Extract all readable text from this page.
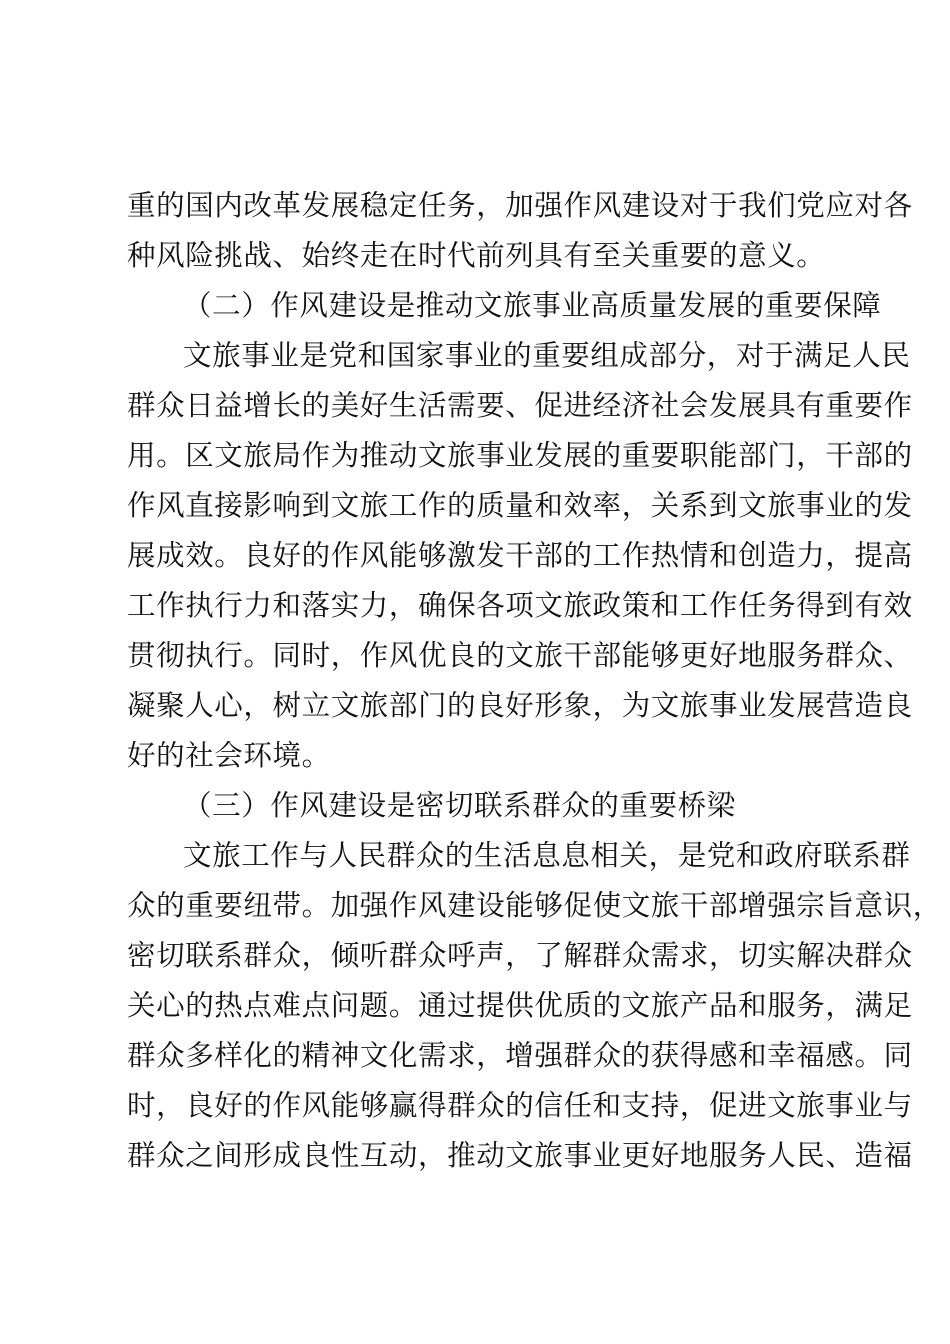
重的国内改革发展稳定任务，加强作风建设对于我们党应对各
种风险挑战、始终走在时代前列具有至关重要的意义。
（二）作风建设是推动文旅事业高质量发展的重要保障
文旅事业是党和国家事业的重要组成部分，对于满足人民
群众日益增长的美好生活需要、促进经济社会发展具有重要作
用。区文旅局作为推动文旅事业发展的重要职能部门，干部的
作风直接影响到文旅工作的质量和效率，关系到文旅事业的发
展成效。良好的作风能够激发干部的工作热情和创造力，提高
工作执行力和落实力，确保各项文旅政策和工作任务得到有效
贯彻执行。同时，作风优良的文旅干部能够更好地服务群众、
凝聚人心，树立文旅部门的良好形象，为文旅事业发展营造良
好的社会环境。
（三）作风建设是密切联系群众的重要桥梁
文旅工作与人民群众的生活息息相关，是党和政府联系群
众的重要纽带。加强作风建设能够促使文旅干部增强宗旨意识，
密切联系群众，倾听群众呼声，了解群众需求，切实解决群众
关心的热点难点问题。通过提供优质的文旅产品和服务，满足
群众多样化的精神文化需求，增强群众的获得感和幸福感。同
时，良好的作风能够赢得群众的信任和支持，促进文旅事业与
群众之间形成良性互动，推动文旅事业更好地服务人民、造福
